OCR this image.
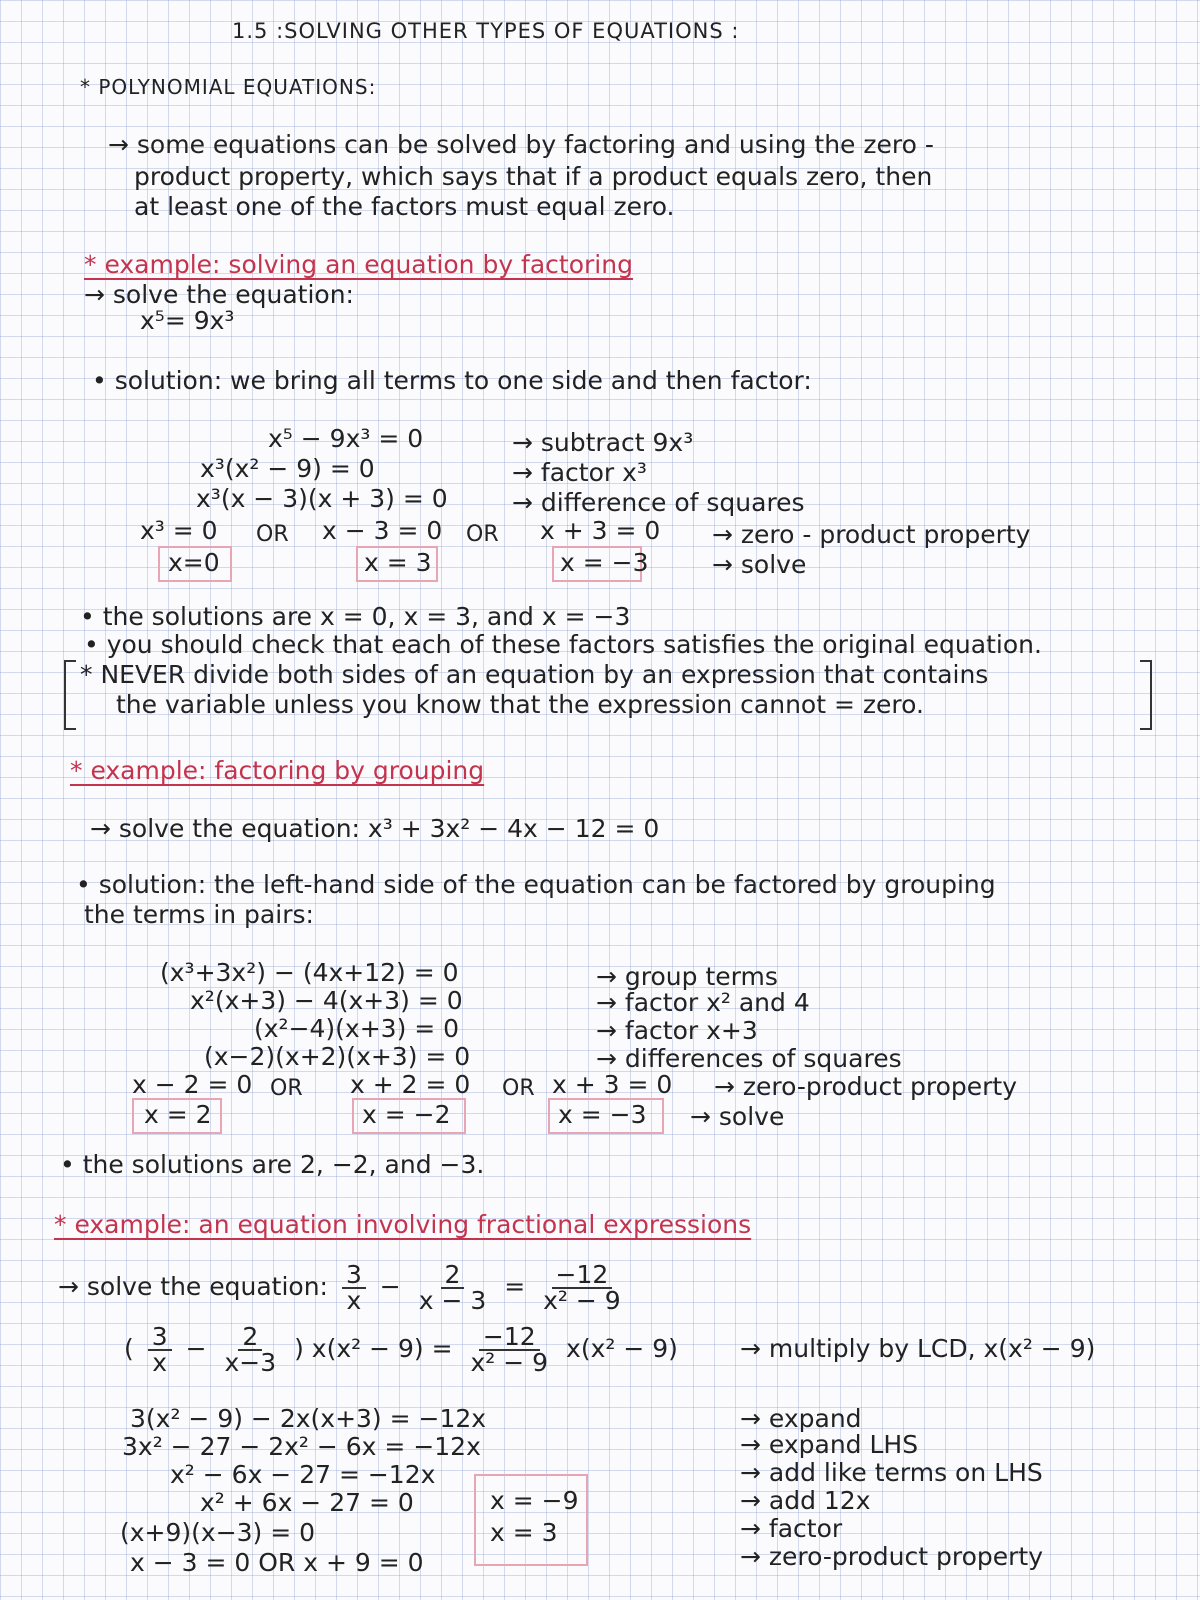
1.5 :SOLVING OTHER TYPES OF EQUATIONS :
* POLYNOMIAL EQUATIONS:
→ some equations can be solved by factoring and using the zero -
product property, which says that if a product equals zero, then
at least one of the factors must equal zero.
* example: solving an equation by factoring
→ solve the equation:
x⁵= 9x³
• solution: we bring all terms to one side and then factor:
x⁵ − 9x³ = 0	→ subtract 9x³
x³(x² − 9) = 0	→ factor x³
x³(x − 3)(x + 3) = 0	→ difference of squares
x³ = 0 OR x − 3 = 0 OR x + 3 = 0 → zero - product property
x=0	x = 3	x = −3	→ solve
• the solutions are x = 0, x = 3, and x = −3
• you should check that each of these factors satisfies the original equation.
* NEVER divide both sides of an equation by an expression that contains
the variable unless you know that the expression cannot = zero.
* example: factoring by grouping
→ solve the equation: x³ + 3x² − 4x − 12 = 0
• solution: the left-hand side of the equation can be factored by grouping
the terms in pairs:
(x³+3x²) − (4x+12) = 0	→ group terms
x²(x+3) − 4(x+3) = 0	→ factor x² and 4
(x²−4)(x+3) = 0	→ factor x+3
(x−2)(x+2)(x+3) = 0	→ differences of squares
x − 2 = 0 OR x + 2 = 0 OR x + 3 = 0 → zero-product property
x = 2	x = −2	x = −3 → solve
• the solutions are 2, −2, and −3.
* example: an equation involving fractional expressions
→ solve the equation: $\frac{3}{x} - \frac{2}{x - 3} = \frac{-12}{\text{x² − 9}}$
( $\frac{3}{x} - \frac{2}{x-3}$ ) $x(x^2 - 9) = \frac{-12}{\text{x² − 9}} x(x^2 - 9)$ → multiply by LCD, x(x² − 9)
3(x² − 9) − 2x(x+3) = −12x	→ expand
3x² − 27 − 2x² − 6x = −12x	→ expand LHS
x² − 6x − 27 = −12x	→ add like terms on LHS
x² + 6x − 27 = 0	→ add 12x
(x+9)(x−3) = 0	→ factor
x − 3 = 0 OR x + 9 = 0	→ zero-product property
x = −9
x = 3
